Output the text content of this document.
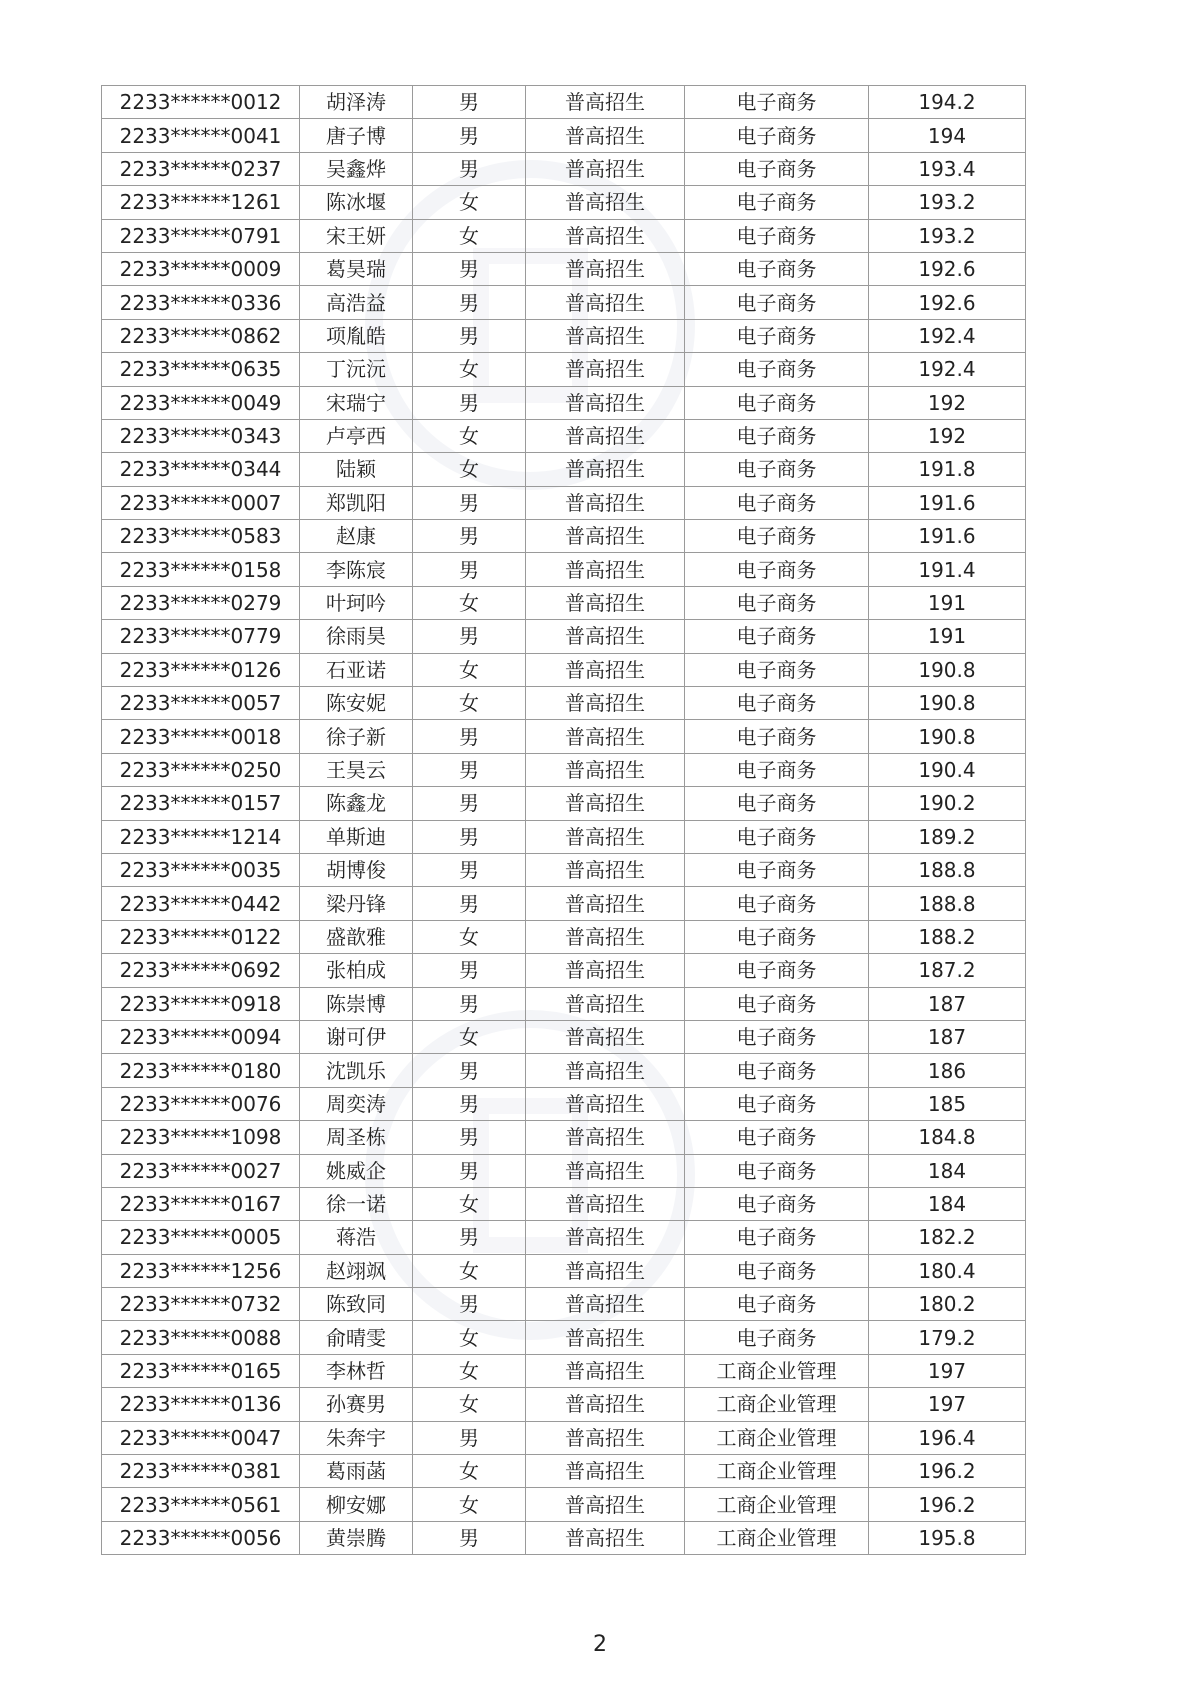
2233******0012	胡泽涛	男	普高招生	电子商务	194.2
2233******0041	唐子博	男	普高招生	电子商务	194
2233******0237	吴鑫烨	男	普高招生	电子商务	193.4
2233******1261	陈冰堰	女	普高招生	电子商务	193.2
2233******0791	宋王妍	女	普高招生	电子商务	193.2
2233******0009	葛昊瑞	男	普高招生	电子商务	192.6
2233******0336	高浩益	男	普高招生	电子商务	192.6
2233******0862	项胤皓	男	普高招生	电子商务	192.4
2233******0635	丁沅沅	女	普高招生	电子商务	192.4
2233******0049	宋瑞宁	男	普高招生	电子商务	192
2233******0343	卢亭西	女	普高招生	电子商务	192
2233******0344	陆颖	女	普高招生	电子商务	191.8
2233******0007	郑凯阳	男	普高招生	电子商务	191.6
2233******0583	赵康	男	普高招生	电子商务	191.6
2233******0158	李陈宸	男	普高招生	电子商务	191.4
2233******0279	叶珂吟	女	普高招生	电子商务	191
2233******0779	徐雨昊	男	普高招生	电子商务	191
2233******0126	石亚诺	女	普高招生	电子商务	190.8
2233******0057	陈安妮	女	普高招生	电子商务	190.8
2233******0018	徐子新	男	普高招生	电子商务	190.8
2233******0250	王昊云	男	普高招生	电子商务	190.4
2233******0157	陈鑫龙	男	普高招生	电子商务	190.2
2233******1214	单斯迪	男	普高招生	电子商务	189.2
2233******0035	胡博俊	男	普高招生	电子商务	188.8
2233******0442	梁丹锋	男	普高招生	电子商务	188.8
2233******0122	盛歆雅	女	普高招生	电子商务	188.2
2233******0692	张柏成	男	普高招生	电子商务	187.2
2233******0918	陈崇博	男	普高招生	电子商务	187
2233******0094	谢可伊	女	普高招生	电子商务	187
2233******0180	沈凯乐	男	普高招生	电子商务	186
2233******0076	周奕涛	男	普高招生	电子商务	185
2233******1098	周圣栋	男	普高招生	电子商务	184.8
2233******0027	姚威企	男	普高招生	电子商务	184
2233******0167	徐一诺	女	普高招生	电子商务	184
2233******0005	蒋浩	男	普高招生	电子商务	182.2
2233******1256	赵翊飒	女	普高招生	电子商务	180.4
2233******0732	陈致同	男	普高招生	电子商务	180.2
2233******0088	俞晴雯	女	普高招生	电子商务	179.2
2233******0165	李林哲	女	普高招生	工商企业管理	197
2233******0136	孙赛男	女	普高招生	工商企业管理	197
2233******0047	朱奔宇	男	普高招生	工商企业管理	196.4
2233******0381	葛雨菡	女	普高招生	工商企业管理	196.2
2233******0561	柳安娜	女	普高招生	工商企业管理	196.2
2233******0056	黄崇腾	男	普高招生	工商企业管理	195.8
2
